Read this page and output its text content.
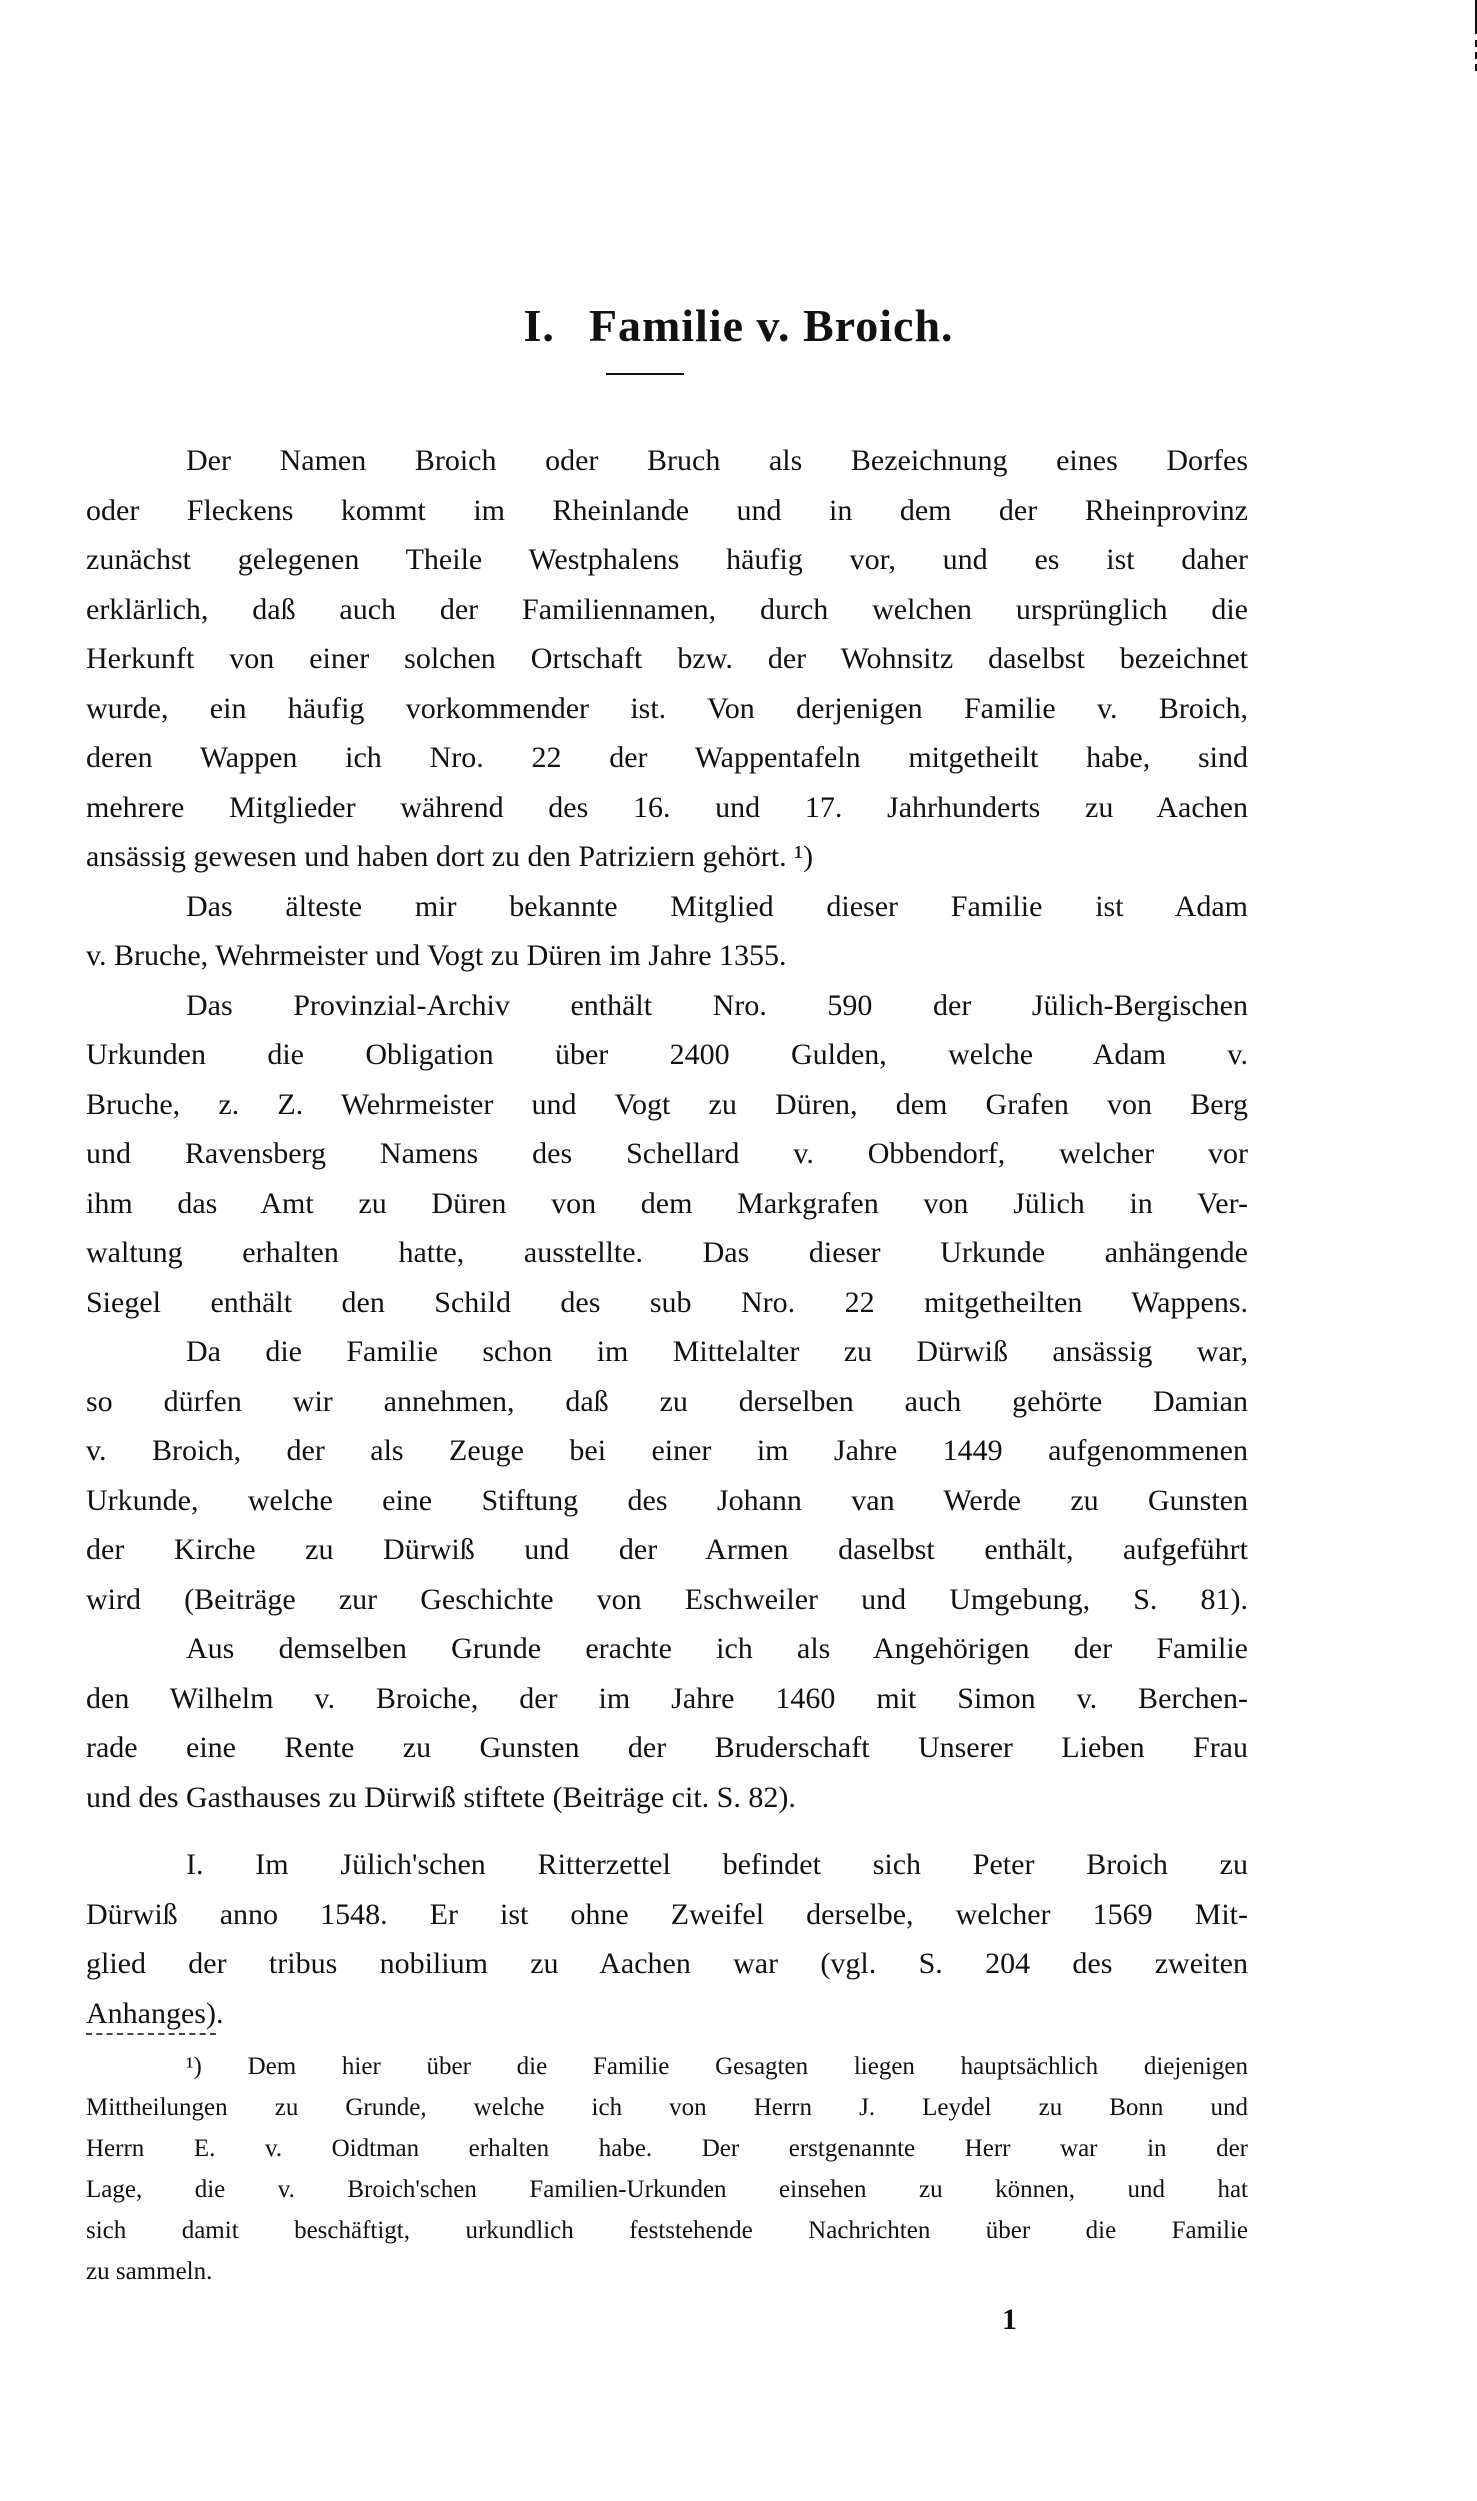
I. Familie v. Broich.
Der Namen Broich oder Bruch als Bezeichnung eines Dorfes
oder Fleckens kommt im Rheinlande und in dem der Rheinprovinz
zunächst gelegenen Theile Westphalens häufig vor, und es ist daher
erklärlich, daß auch der Familiennamen, durch welchen ursprünglich die
Herkunft von einer solchen Ortschaft bzw. der Wohnsitz daselbst bezeichnet
wurde, ein häufig vorkommender ist. Von derjenigen Familie v. Broich,
deren Wappen ich Nro. 22 der Wappentafeln mitgetheilt habe, sind
mehrere Mitglieder während des 16. und 17. Jahrhunderts zu Aachen
ansässig gewesen und haben dort zu den Patriziern gehört. ¹)
Das älteste mir bekannte Mitglied dieser Familie ist Adam
v. Bruche, Wehrmeister und Vogt zu Düren im Jahre 1355.
Das Provinzial-Archiv enthält Nro. 590 der Jülich-Bergischen
Urkunden die Obligation über 2400 Gulden, welche Adam v.
Bruche, z. Z. Wehrmeister und Vogt zu Düren, dem Grafen von Berg
und Ravensberg Namens des Schellard v. Obbendorf, welcher vor
ihm das Amt zu Düren von dem Markgrafen von Jülich in Ver-
waltung erhalten hatte, ausstellte. Das dieser Urkunde anhängende
Siegel enthält den Schild des sub Nro. 22 mitgetheilten Wappens.
Da die Familie schon im Mittelalter zu Dürwiß ansässig war,
so dürfen wir annehmen, daß zu derselben auch gehörte Damian
v. Broich, der als Zeuge bei einer im Jahre 1449 aufgenommenen
Urkunde, welche eine Stiftung des Johann van Werde zu Gunsten
der Kirche zu Dürwiß und der Armen daselbst enthält, aufgeführt
wird (Beiträge zur Geschichte von Eschweiler und Umgebung, S. 81).
Aus demselben Grunde erachte ich als Angehörigen der Familie
den Wilhelm v. Broiche, der im Jahre 1460 mit Simon v. Berchen-
rade eine Rente zu Gunsten der Bruderschaft Unserer Lieben Frau
und des Gasthauses zu Dürwiß stiftete (Beiträge cit. S. 82).
I. Im Jülich'schen Ritterzettel befindet sich Peter Broich zu
Dürwiß anno 1548. Er ist ohne Zweifel derselbe, welcher 1569 Mit-
glied der tribus nobilium zu Aachen war (vgl. S. 204 des zweiten
Anhanges).
¹) Dem hier über die Familie Gesagten liegen hauptsächlich diejenigen
Mittheilungen zu Grunde, welche ich von Herrn J. Leydel zu Bonn und
Herrn E. v. Oidtman erhalten habe. Der erstgenannte Herr war in der
Lage, die v. Broich'schen Familien-Urkunden einsehen zu können, und hat
sich damit beschäftigt, urkundlich feststehende Nachrichten über die Familie
zu sammeln.
1
